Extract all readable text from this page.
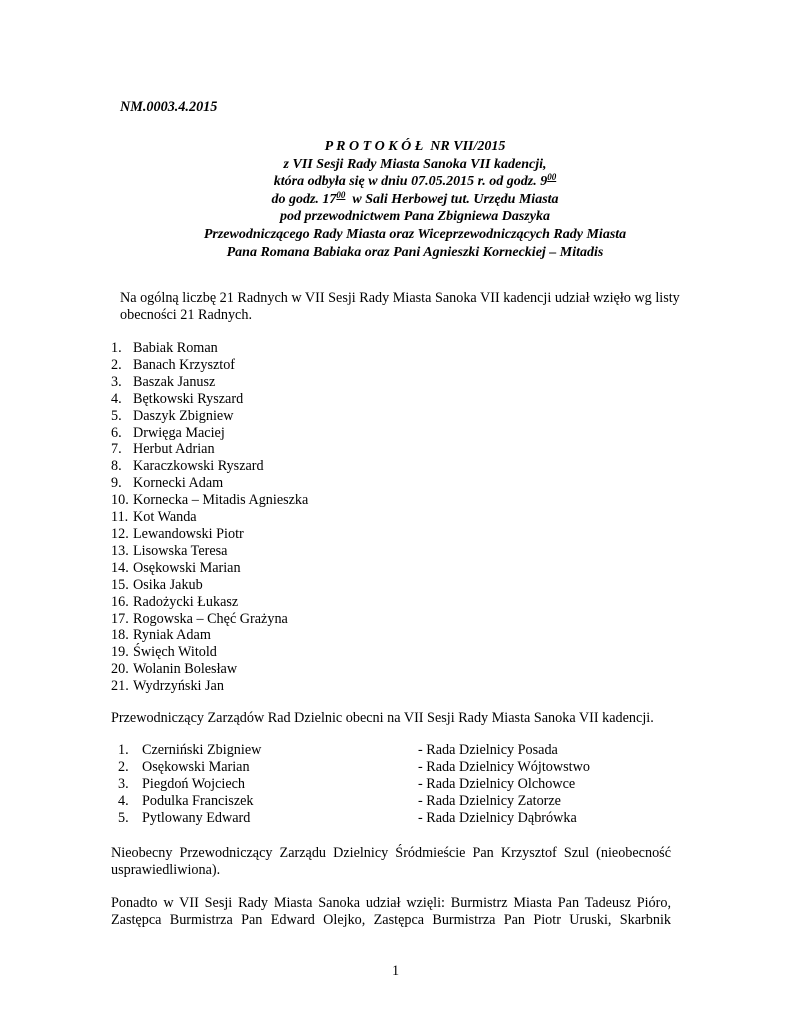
NM.0003.4.2015
P R O T O K Ó Ł  NR VII/2015
z VII Sesji Rady Miasta Sanoka VII kadencji,
która odbyła się w dniu 07.05.2015 r. od godz. $9^{00}$
do godz. $17^{00}$  w Sali Herbowej tut. Urzędu Miasta
pod przewodnictwem Pana Zbigniewa Daszyka
Przewodniczącego Rady Miasta oraz Wiceprzewodniczących Rady Miasta
Pana Romana Babiaka oraz Pani Agnieszki Korneckiej – Mitadis
Na ogólną liczbę 21 Radnych w VII Sesji Rady Miasta Sanoka VII kadencji udział wzięło wg listy obecności 21 Radnych.
1. Babiak Roman
2. Banach Krzysztof
3. Baszak Janusz
4. Bętkowski Ryszard
5. Daszyk Zbigniew
6. Drwięga Maciej
7. Herbut Adrian
8. Karaczkowski Ryszard
9. Kornecki Adam
10. Kornecka – Mitadis Agnieszka
11. Kot Wanda
12. Lewandowski Piotr
13. Lisowska Teresa
14. Osękowski Marian
15. Osika Jakub
16. Radożycki Łukasz
17. Rogowska – Chęć Grażyna
18. Ryniak Adam
19. Święch Witold
20. Wolanin Bolesław
21. Wydrzyński Jan
Przewodniczący Zarządów Rad Dzielnic obecni na VII Sesji Rady Miasta Sanoka VII kadencji.
1. Czerniński Zbigniew	- Rada Dzielnicy Posada
2. Osękowski Marian	- Rada Dzielnicy Wójtowstwo
3. Piegdoń Wojciech	- Rada Dzielnicy Olchowce
4. Podulka Franciszek	- Rada Dzielnicy Zatorze
5. Pytlowany Edward	- Rada Dzielnicy Dąbrówka
Nieobecny Przewodniczący Zarządu Dzielnicy Śródmieście Pan Krzysztof Szul (nieobecność usprawiedliwiona).
Ponadto w VII Sesji Rady Miasta Sanoka udział wzięli: Burmistrz Miasta Pan Tadeusz Pióro, Zastępca Burmistrza Pan Edward Olejko, Zastępca Burmistrza Pan Piotr Uruski, Skarbnik
1
